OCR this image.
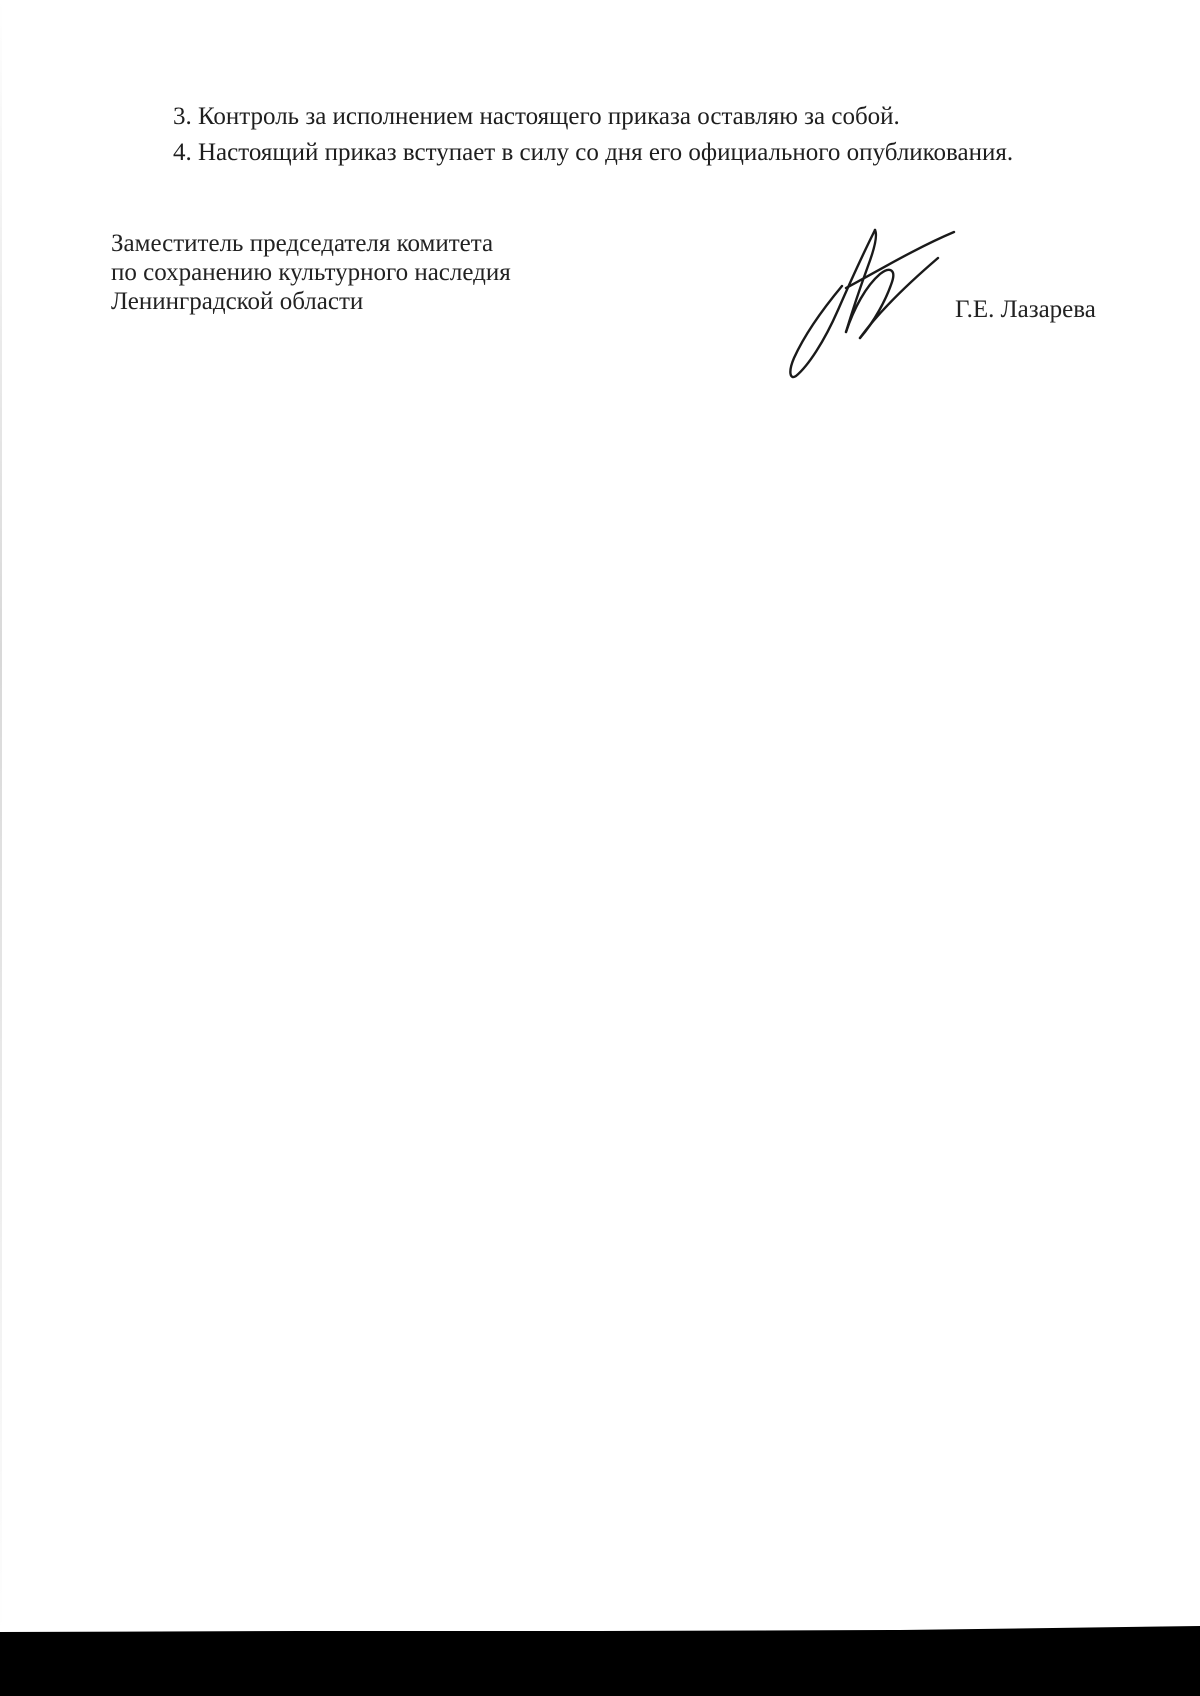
3. Контроль за исполнением настоящего приказа оставляю за собой.
4. Настоящий приказ вступает в силу со дня его официального опубликования.
Заместитель председателя комитета
по сохранению культурного наследия
Ленинградской области	Г.Е. Лазарева
